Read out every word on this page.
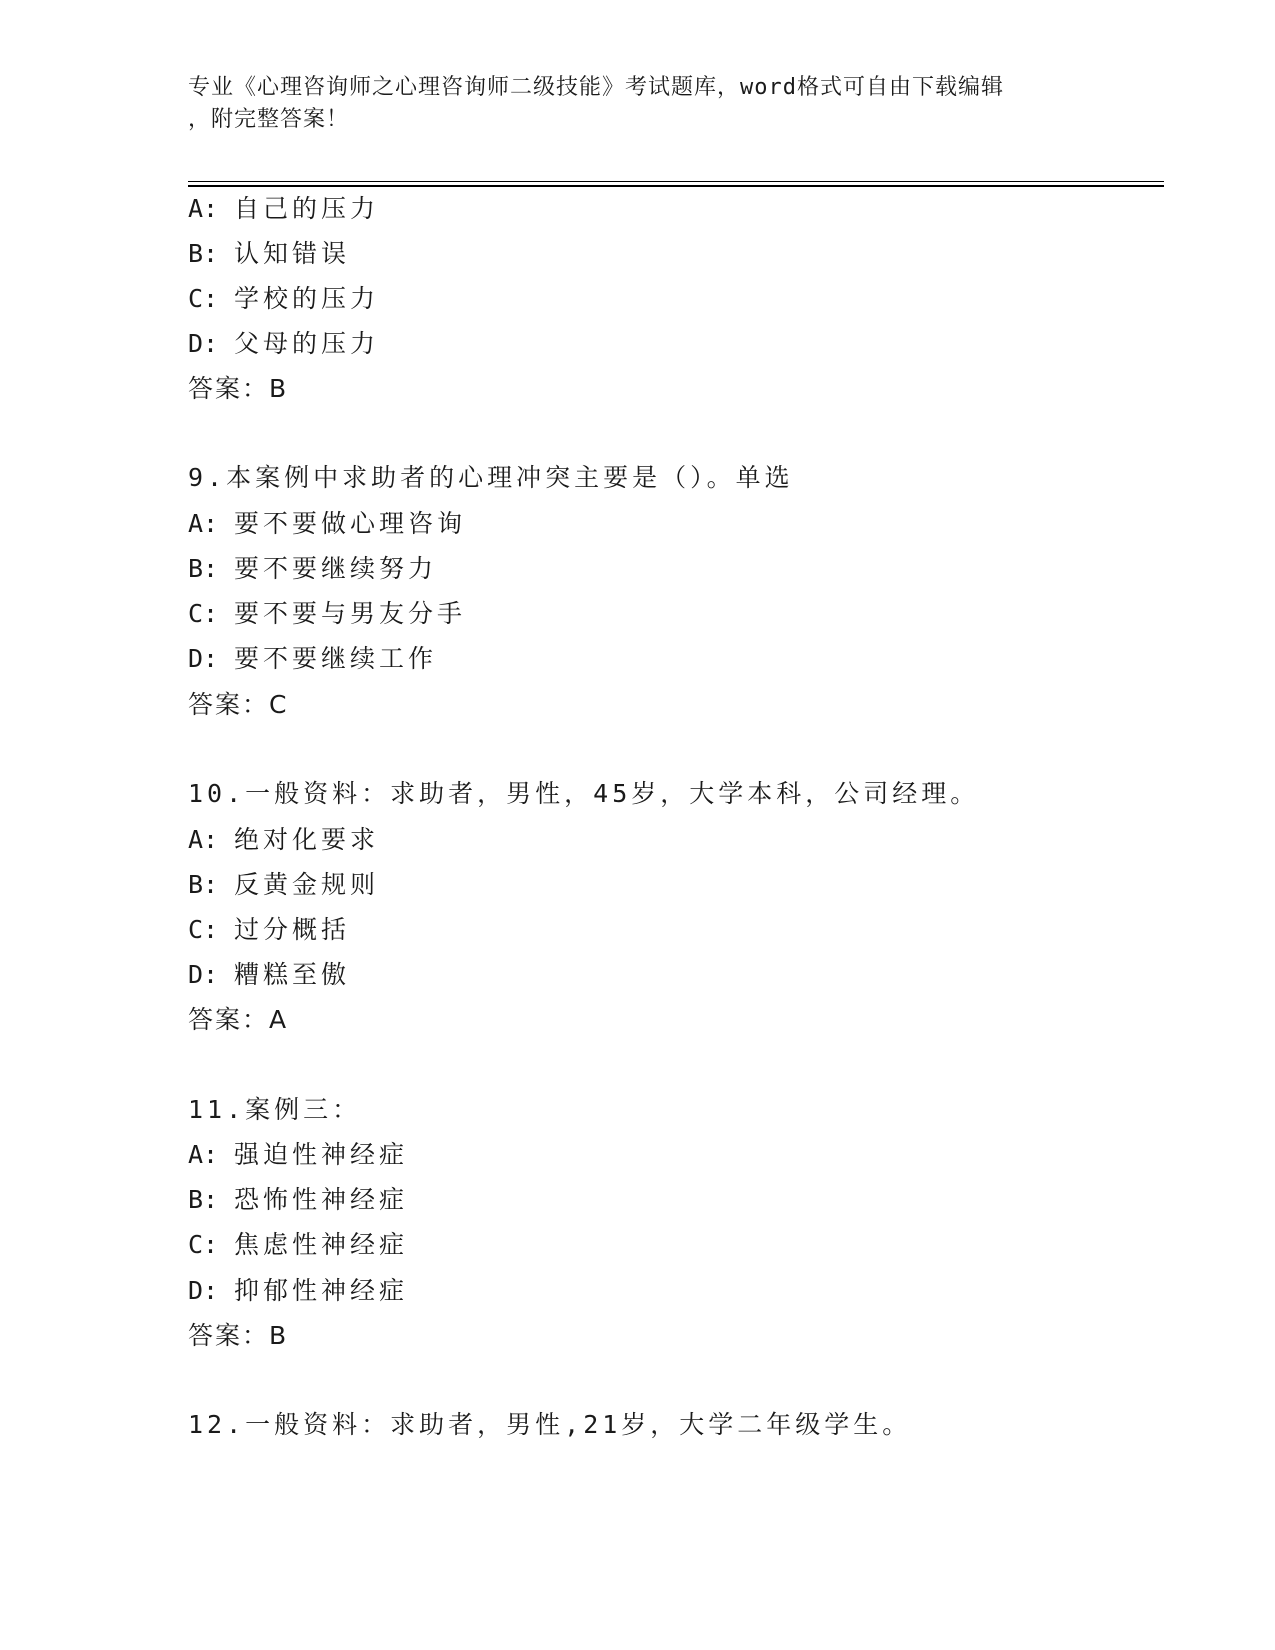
专业《心理咨询师之心理咨询师二级技能》考试题库，word格式可自由下载编辑
，附完整答案！
A: 自己的压力
B: 认知错误
C: 学校的压力
D: 父母的压力
答案：B
9.本案例中求助者的心理冲突主要是（）。单选
A: 要不要做心理咨询
B: 要不要继续努力
C: 要不要与男友分手
D: 要不要继续工作
答案：C
10.一般资料：求助者，男性，45岁，大学本科，公司经理。
A: 绝对化要求
B: 反黄金规则
C: 过分概括
D: 糟糕至傲
答案：A
11.案例三：
A: 强迫性神经症
B: 恐怖性神经症
C: 焦虑性神经症
D: 抑郁性神经症
答案：B
12.一般资料：求助者，男性,21岁，大学二年级学生。
